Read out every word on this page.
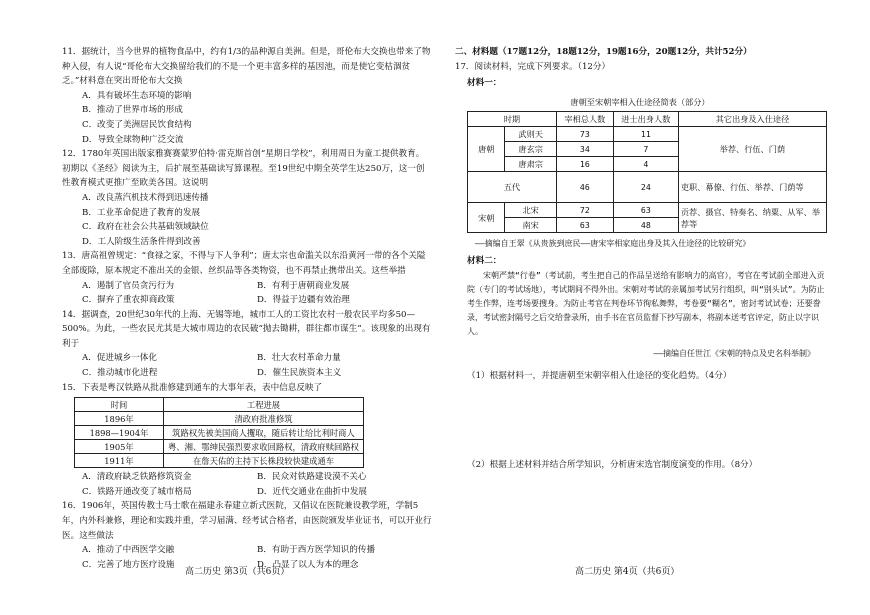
11．据统计，当今世界的植物食品中，约有1/3的品种源自美洲。但是，哥伦布大交换也带来了物种入侵，有人说“哥伦布大交换留给我们的不是一个更丰富多样的基因池，而是使它变枯涸贫乏。”材料意在突出哥伦布大交换

A．具有破坏生态环境的影响

B．推动了世界市场的形成

C．改变了美洲居民饮食结构

D．导致全球物种广泛交流

12．1780年英国出版家雅赛赛蒙罗伯特·雷克斯首创“星期日学校”，利用周日为童工提供教育。初期以《圣经》阅读为主，后扩展至基础读写算课程。至19世纪中期全英学生达250万，这一创性教育模式更推广至欧美各国。这说明

A．改良蒸汽机技术得到迅速传播

B．工业革命促进了教育的发展

C．政府在社会公共基础领域缺位

D．工人阶级生活条件得到改善

13．唐高祖曾规定：“食禄之家，不得与下人争利”；唐太宗也命滥关以东沿黄河一带的各个关隘全部废除，原本规定不准出关的金银、丝织品等各类物资，也不再禁止携带出关。这些举措

A．遏制了官员贪污行为	B．有利于唐朝商业发展
C．摒弃了重农抑商政策	D．得益于边疆有效治理

14．据调查，20世纪30年代的上海、无锡等地，城市工人的工资比农村一般农民平均多50—500%。为此，一些农民尤其是大城市周边的农民破“抛去锄耕，群往都市谋生”。该现象的出现有利于

A．促进城乡一体化	B．壮大农村革命力量
C．推动城市化进程	D．催生民族资本主义

15．下表是粤汉铁路从批准修建到通车的大事年表，表中信息反映了

时间	工程进展
1896年	清政府批准修筑
1898—1904年	筑路权先被美国商人攫取，随后转让给比利时商人
1905年	粤、湘、鄂绅民强烈要求收回路权，清政府赎回路权
1911年	在詹天佑的主持下长株段较快建成通车
A．清政府缺乏铁路修筑资金	B．民众对铁路建设漠不关心
C．铁路开通改变了城市格局	D．近代交通业在曲折中发展

16．1906年，英国传教士马士歌在福建永春建立新式医院，又倡议在医院兼设教学班，学制5年，内外科兼修，理论和实践并重，学习届满、经考试合格者，由医院颁发毕业证书，可以开业行医。这些做法

A．推动了中西医学交融	B．有助于西方医学知识的传播
C．完善了地方医疗设施	D．凸显了以人为本的理念
高二历史 第3页（共6页）

二、材料题（17题12分，18题12分，19题16分，20题12分，共计52分）

17．阅读材料，完成下列要求。（12分）

材料一：

唐朝至宋朝宰相入仕途径简表（部分）

时期		宰相总人数	进士出身人数	其它出身及入仕途径
唐朝	武则天	73	11	举荐、行伍、门荫
	唐玄宗	34	7	
	唐肃宗	16	4	
五代		46	24	吏职、幕僚、行伍、举荐、门荫等
宋朝	北宋	72	63	贡荐、摄官、特奏名、纳粟、从军、举荐等
	南宋	63	48	

——摘编自王翠《从贵族到庶民——唐宋宰相家庭出身及其入仕途径的比较研究》

材料二：

宋朝严禁“行卷”（考试前，考生把自己的作品呈送给有影响力的高官），考官在考试前全部进入贡院（专门的考试场地），考试期间不得外出。宋朝对考试的亲属加考试另行组织，叫“别头试”。为防止考生作弊，连考场要搜身。为防止考官在判卷环节徇私舞弊，考卷要“糊名”，密封考试试卷；还要誊录，考试密封隔号之后交给誊录所，由手书在官员监督下抄写副本，将副本送考官评定，防止以字识人。

——摘编自任世江《宋朝的特点及史名科举制》

（1）根据材料一，并提唐朝至宋朝宰相入仕途径的变化趋势。（4分）

（2）根据上述材料并结合所学知识，分析唐宋选官制度演变的作用。（8分）

高二历史 第4页（共6页）
